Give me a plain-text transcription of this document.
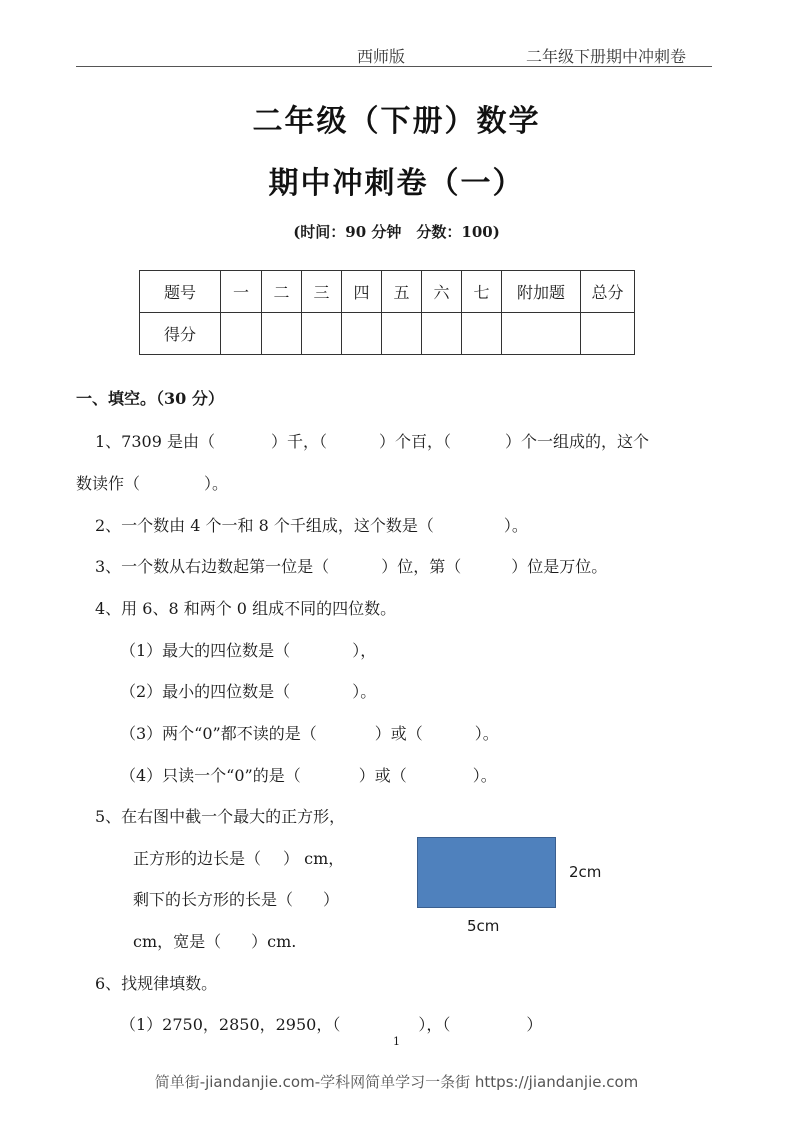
西师版	二年级下册期中冲刺卷
二年级（下册）数学
期中冲刺卷（一）
(时间：90 分钟　分数：100)
题号	一	二	三	四	五	六	七	附加题	总分
得分									
一、填空。（30 分）
1、7309 是由（	）千，（	）个百，（	）个一组成的，这个
数读作（	）。
2、一个数由 4 个一和 8 个千组成，这个数是（	）。
3、一个数从右边数起第一位是（	）位，第（	）位是万位。
4、用 6、8 和两个 0 组成不同的四位数。
（1）最大的四位数是（	），
（2）最小的四位数是（	）。
（3）两个“0”都不读的是（	）或（	）。
（4）只读一个“0”的是（	）或（	）。
5、在右图中截一个最大的正方形，
正方形的边长是（ ） cm，
剩下的长方形的长是（ ）
cm，宽是（ ）cm.
2cm
5cm
6、找规律填数。
（1）2750，2850，2950，（	），（	）
1
简单街-jiandanjie.com-学科网简单学习一条街 https://jiandanjie.com
